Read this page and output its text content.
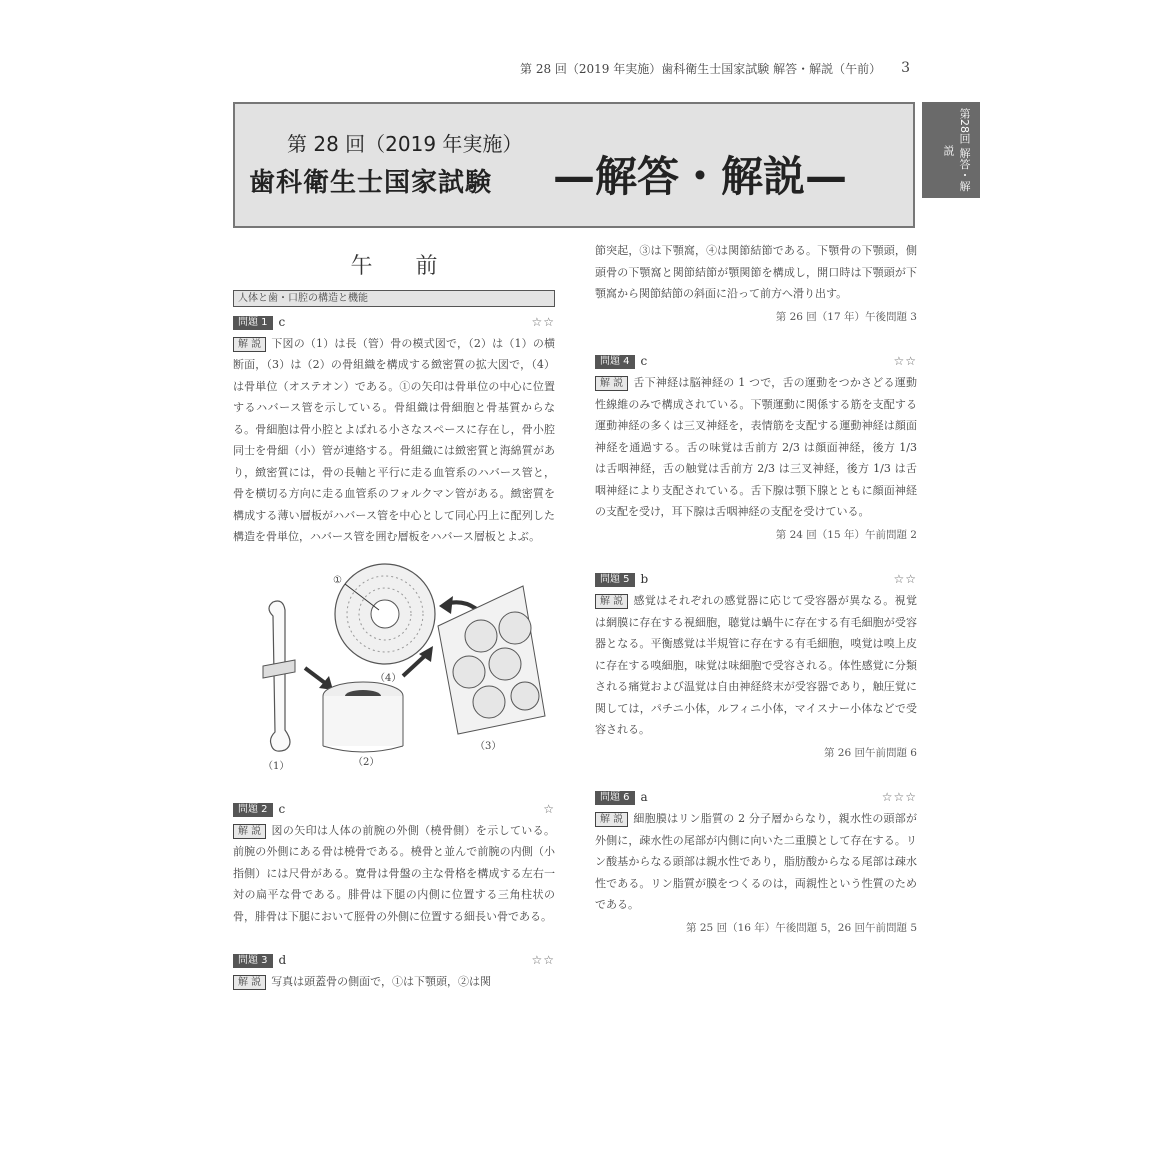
第 28 回（2019 年実施）歯科衛生士国家試験 解答・解説（午前） 3
第28回 解答・解説
第 28 回（2019 年実施）
歯科衛生士国家試験 —解答・解説—
午 前
人体と歯・口腔の構造と機能
問題 1 c	☆☆
解 説 下図の（1）は長（管）骨の模式図で，（2）は（1）の横断面，（3）は（2）の骨組織を構成する緻密質の拡大図で，（4）は骨単位（オステオン）である。①の矢印は骨単位の中心に位置するハバース管を示している。骨組織は骨細胞と骨基質からなる。骨細胞は骨小腔とよばれる小さなスペースに存在し，骨小腔同士を骨細（小）管が連絡する。骨組織には緻密質と海綿質があり，緻密質には，骨の長軸と平行に走る血管系のハバース管と，骨を横切る方向に走る血管系のフォルクマン管がある。緻密質を構成する薄い層板がハバース管を中心として同心円上に配列した構造を骨単位，ハバース管を囲む層板をハバース層板とよぶ。
①
（4）
（1）	（2）
（3）
問題 2 c	☆
解 説 図の矢印は人体の前腕の外側（橈骨側）を示している。前腕の外側にある骨は橈骨である。橈骨と並んで前腕の内側（小指側）には尺骨がある。寛骨は骨盤の主な骨格を構成する左右一対の扁平な骨である。腓骨は下腿の内側に位置する三角柱状の骨，腓骨は下腿において脛骨の外側に位置する細長い骨である。
問題 3 d	☆☆
解 説 写真は頭蓋骨の側面で，①は下顎頭，②は関
節突起，③は下顎窩，④は関節結節である。下顎骨の下顎頭，側頭骨の下顎窩と関節結節が顎関節を構成し，開口時は下顎頭が下顎窩から関節結節の斜面に沿って前方へ滑り出す。
第 26 回（17 年）午後問題 3
問題 4 c	☆☆
解 説 舌下神経は脳神経の 1 つで，舌の運動をつかさどる運動性線維のみで構成されている。下顎運動に関係する筋を支配する運動神経の多くは三叉神経を，表情筋を支配する運動神経は顔面神経を通過する。舌の味覚は舌前方 2/3 は顔面神経，後方 1/3 は舌咽神経，舌の触覚は舌前方 2/3 は三叉神経，後方 1/3 は舌咽神経により支配されている。舌下腺は顎下腺とともに顔面神経の支配を受け，耳下腺は舌咽神経の支配を受けている。
第 24 回（15 年）午前問題 2
問題 5 b	☆☆
解 説 感覚はそれぞれの感覚器に応じて受容器が異なる。視覚は網膜に存在する視細胞，聴覚は蝸牛に存在する有毛細胞が受容器となる。平衡感覚は半規管に存在する有毛細胞，嗅覚は嗅上皮に存在する嗅細胞，味覚は味細胞で受容される。体性感覚に分類される痛覚および温覚は自由神経終末が受容器であり，触圧覚に関しては，パチニ小体，ルフィニ小体，マイスナー小体などで受容される。
第 26 回午前問題 6
問題 6 a	☆☆☆
解 説 細胞膜はリン脂質の 2 分子層からなり，親水性の頭部が外側に，疎水性の尾部が内側に向いた二重膜として存在する。リン酸基からなる頭部は親水性であり，脂肪酸からなる尾部は疎水性である。リン脂質が膜をつくるのは，両親性という性質のためである。
第 25 回（16 年）午後問題 5，26 回午前問題 5
